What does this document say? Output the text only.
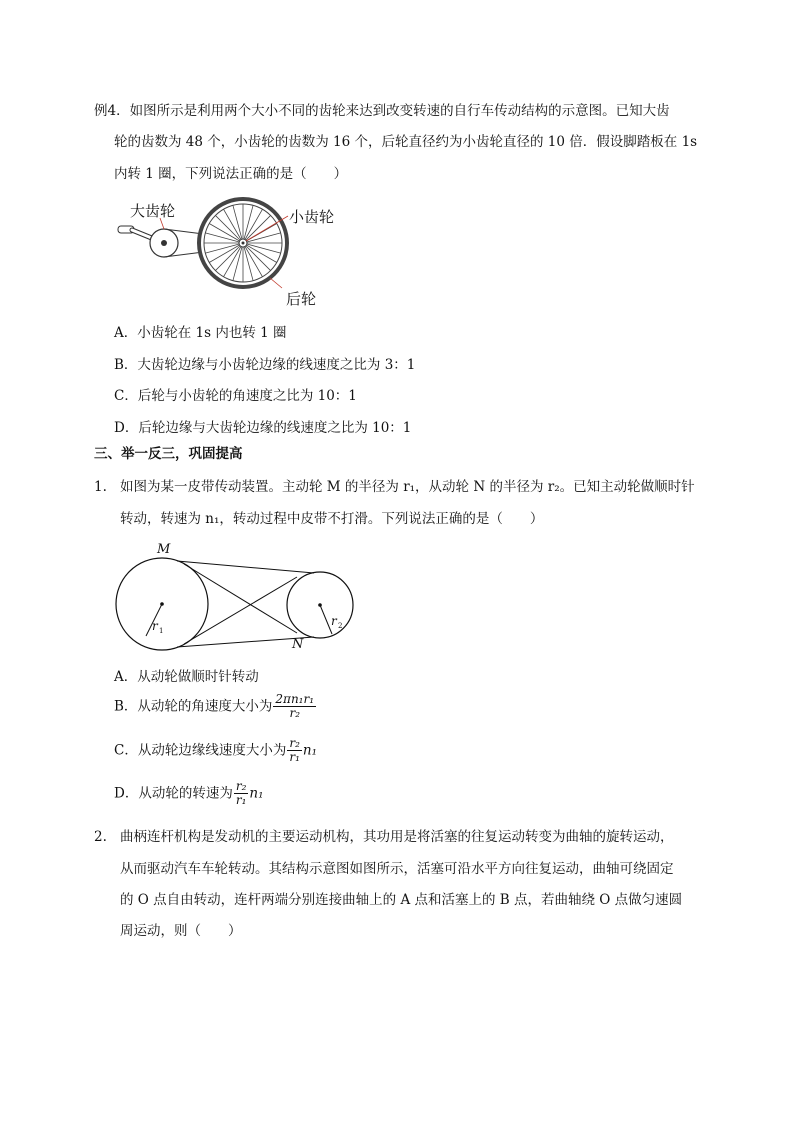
例4．如图所示是利用两个大小不同的齿轮来达到改变转速的自行车传动结构的示意图。已知大齿
轮的齿数为 48 个，小齿轮的齿数为 16 个，后轮直径约为小齿轮直径的 10 倍．假设脚踏板在 1s
内转 1 圈，下列说法正确的是（　　）
大齿轮	小齿轮
后轮
A．小齿轮在 1s 内也转 1 圈
B．大齿轮边缘与小齿轮边缘的线速度之比为 3：1
C．后轮与小齿轮的角速度之比为 10：1
D．后轮边缘与大齿轮边缘的线速度之比为 10：1
三、举一反三，巩固提高
1. 如图为某一皮带传动装置。主动轮 M 的半径为 r₁，从动轮 N 的半径为 r₂。已知主动轮做顺时针
转动，转速为 n₁，转动过程中皮带不打滑。下列说法正确的是（　　）
M
N
r 1
r 2
A．从动轮做顺时针转动
B．从动轮的角速度大小为 $\frac{\text{2πn₁r₁}}{\text{r₂}}$
C．从动轮边缘线速度大小为 $\frac{\text{r₂}}{\text{r₁}} n_1$
D．从动轮的转速为 $\frac{\text{r₂}}{\text{r₁}} n_1$
2. 曲柄连杆机构是发动机的主要运动机构，其功用是将活塞的往复运动转变为曲轴的旋转运动，
从而驱动汽车车轮转动。其结构示意图如图所示，活塞可沿水平方向往复运动，曲轴可绕固定
的 O 点自由转动，连杆两端分别连接曲轴上的 A 点和活塞上的 B 点，若曲轴绕 O 点做匀速圆
周运动，则（　　）
